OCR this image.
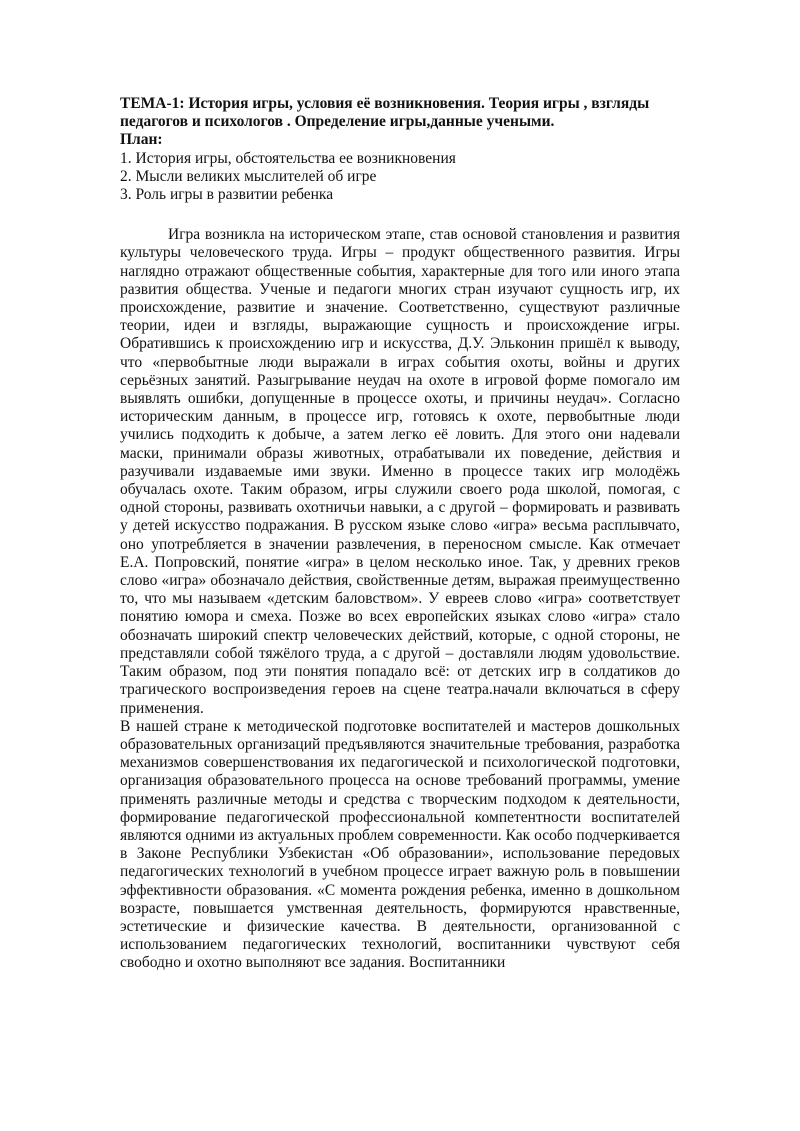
ТЕМА-1: История игры, условия её возникновения. Теория игры , взгляды педагогов и психологов . Определение игры,данные учеными.

План:

1. История игры, обстоятельства ее возникновения
2. Мысли великих мыслителей об игре
3. Роль игры в развитии ребенка

Игра возникла на историческом этапе, став основой становления и развития культуры человеческого труда. Игры – продукт общественного развития. Игры наглядно отражают общественные события, характерные для того или иного этапа развития общества. Ученые и педагоги многих стран изучают сущность игр, их происхождение, развитие и значение. Соответственно, существуют различные теории, идеи и взгляды, выражающие сущность и происхождение игры. Обратившись к происхождению игр и искусства, Д.У. Эльконин пришёл к выводу, что «первобытные люди выражали в играх события охоты, войны и других серьёзных занятий. Разыгрывание неудач на охоте в игровой форме помогало им выявлять ошибки, допущенные в процессе охоты, и причины неудач». Согласно историческим данным, в процессе игр, готовясь к охоте, первобытные люди учились подходить к добыче, а затем легко её ловить. Для этого они надевали маски, принимали образы животных, отрабатывали их поведение, действия и разучивали издаваемые ими звуки. Именно в процессе таких игр молодёжь обучалась охоте. Таким образом, игры служили своего рода школой, помогая, с одной стороны, развивать охотничьи навыки, а с другой – формировать и развивать у детей искусство подражания. В русском языке слово «игра» весьма расплывчато, оно употребляется в значении развлечения, в переносном смысле. Как отмечает Е.А. Попровский, понятие «игра» в целом несколько иное. Так, у древних греков слово «игра» обозначало действия, свойственные детям, выражая преимущественно то, что мы называем «детским баловством». У евреев слово «игра» соответствует понятию юмора и смеха. Позже во всех европейских языках слово «игра» стало обозначать широкий спектр человеческих действий, которые, с одной стороны, не представляли собой тяжёлого труда, а с другой – доставляли людям удовольствие. Таким образом, под эти понятия попадало всё: от детских игр в солдатиков до трагического воспроизведения героев на сцене театра.начали включаться в сферу применения.

В нашей стране к методической подготовке воспитателей и мастеров дошкольных образовательных организаций предъявляются значительные требования, разработка механизмов совершенствования их педагогической и психологической подготовки, организация образовательного процесса на основе требований программы, умение применять различные методы и средства с творческим подходом к деятельности, формирование педагогической профессиональной компетентности воспитателей являются одними из актуальных проблем современности. Как особо подчеркивается в Законе Республики Узбекистан «Об образовании», использование передовых педагогических технологий в учебном процессе играет важную роль в повышении эффективности образования. «С момента рождения ребенка, именно в дошкольном возрасте, повышается умственная деятельность, формируются нравственные, эстетические и физические качества. В деятельности, организованной с использованием педагогических технологий, воспитанники чувствуют себя свободно и охотно выполняют все задания. Воспитанники
